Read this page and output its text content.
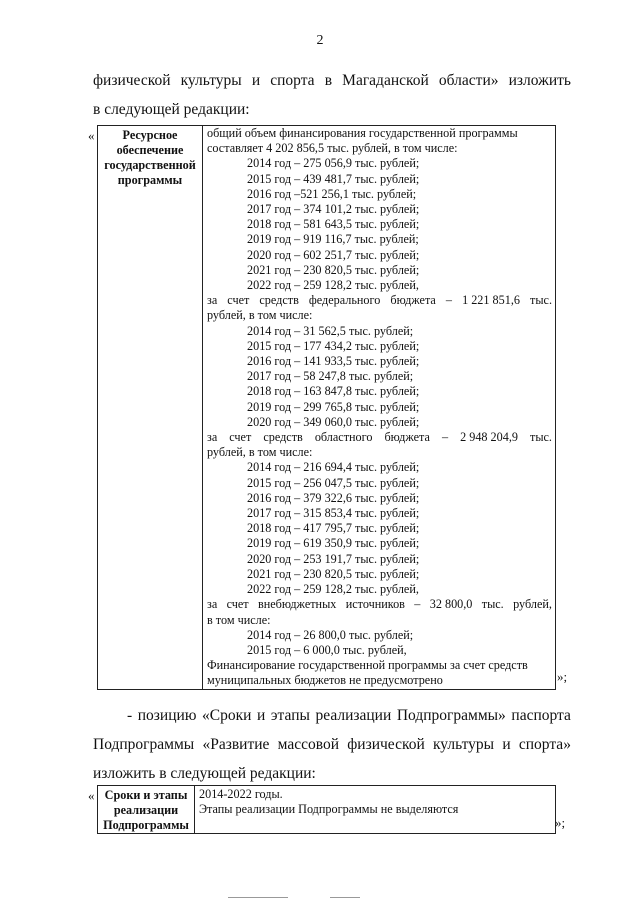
2
физической культуры и спорта в Магаданской области» изложить
в следующей редакции:
«	Ресурсное
обеспечение
государственной
программы

общий объем финансирования государственной программы
составляет 4 202 856,5 тыс. рублей, в том числе:
2014 год – 275 056,9 тыс. рублей;
2015 год – 439 481,7 тыс. рублей;
2016 год –521 256,1 тыс. рублей;
2017 год – 374 101,2 тыс. рублей;
2018 год – 581 643,5 тыс. рублей;
2019 год – 919 116,7 тыс. рублей;
2020 год – 602 251,7 тыс. рублей;
2021 год – 230 820,5 тыс. рублей;
2022 год – 259 128,2 тыс. рублей,
за счет средств федерального бюджета – 1 221 851,6 тыс.
рублей, в том числе:
2014 год – 31 562,5 тыс. рублей;
2015 год – 177 434,2 тыс. рублей;
2016 год – 141 933,5 тыс. рублей;
2017 год – 58 247,8 тыс. рублей;
2018 год – 163 847,8 тыс. рублей;
2019 год – 299 765,8 тыс. рублей;
2020 год – 349 060,0 тыс. рублей;
за счет средств областного бюджета – 2 948 204,9 тыс.
рублей, в том числе:
2014 год – 216 694,4 тыс. рублей;
2015 год – 256 047,5 тыс. рублей;
2016 год – 379 322,6 тыс. рублей;
2017 год – 315 853,4 тыс. рублей;
2018 год – 417 795,7 тыс. рублей;
2019 год – 619 350,9 тыс. рублей;
2020 год – 253 191,7 тыс. рублей;
2021 год – 230 820,5 тыс. рублей;
2022 год – 259 128,2 тыс. рублей,
за счет внебюджетных источников – 32 800,0 тыс. рублей,
в том числе:
2014 год – 26 800,0 тыс. рублей;
2015 год – 6 000,0 тыс. рублей,
Финансирование государственной программы за счет средств
муниципальных бюджетов не предусмотрено	»;
- позицию «Сроки и этапы реализации Подпрограммы» паспорта
Подпрограммы «Развитие массовой физической культуры и спорта»
изложить в следующей редакции:
« Сроки и этапы
реализации
Подпрограммы

2014-2022 годы.
Этапы реализации Подпрограммы не выделяются
»;
